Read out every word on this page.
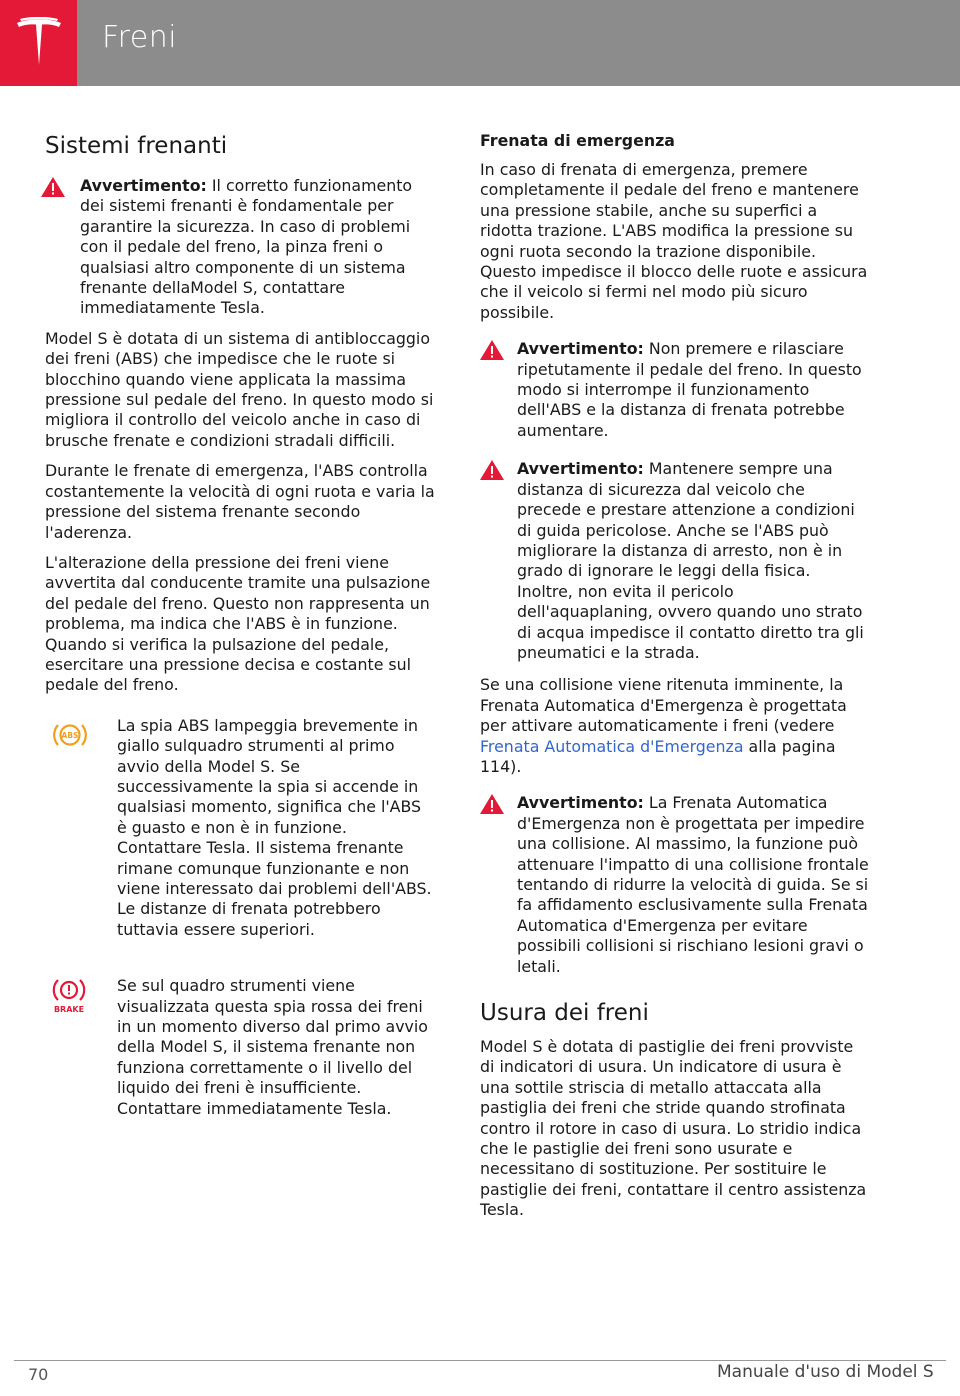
Freni
Sistemi frenanti
Avvertimento: Il corretto funzionamento dei sistemi frenanti è fondamentale per garantire la sicurezza. In caso di problemi con il pedale del freno, la pinza freni o qualsiasi altro componente di un sistema frenante dellaModel S, contattare immediatamente Tesla.

Model S è dotata di un sistema di antibloccaggio dei freni (ABS) che impedisce che le ruote si blocchino quando viene applicata la massima pressione sul pedale del freno. In questo modo si migliora il controllo del veicolo anche in caso di brusche frenate e condizioni stradali difficili.

Durante le frenate di emergenza, l'ABS controlla costantemente la velocità di ogni ruota e varia la pressione del sistema frenante secondo l'aderenza.

L'alterazione della pressione dei freni viene avvertita dal conducente tramite una pulsazione del pedale del freno. Questo non rappresenta un problema, ma indica che l'ABS è in funzione. Quando si verifica la pulsazione del pedale, esercitare una pressione decisa e costante sul pedale del freno.

ABS

La spia ABS lampeggia brevemente in giallo sulquadro strumenti al primo avvio della Model S. Se successivamente la spia si accende in qualsiasi momento, significa che l'ABS è guasto e non è in funzione. Contattare Tesla. Il sistema frenante rimane comunque funzionante e non viene interessato dai problemi dell'ABS. Le distanze di frenata potrebbero tuttavia essere superiori.

BRAKE

Se sul quadro strumenti viene visualizzata questa spia rossa dei freni in un momento diverso dal primo avvio della Model S, il sistema frenante non funziona correttamente o il livello del liquido dei freni è insufficiente. Contattare immediatamente Tesla.

Frenata di emergenza

In caso di frenata di emergenza, premere completamente il pedale del freno e mantenere una pressione stabile, anche su superfici a ridotta trazione. L'ABS modifica la pressione su ogni ruota secondo la trazione disponibile. Questo impedisce il blocco delle ruote e assicura che il veicolo si fermi nel modo più sicuro possibile.

Avvertimento: Non premere e rilasciare ripetutamente il pedale del freno. In questo modo si interrompe il funzionamento dell'ABS e la distanza di frenata potrebbe aumentare.
Avvertimento: Mantenere sempre una distanza di sicurezza dal veicolo che precede e prestare attenzione a condizioni di guida pericolose. Anche se l'ABS può migliorare la distanza di arresto, non è in grado di ignorare le leggi della fisica. Inoltre, non evita il pericolo dell'aquaplaning, ovvero quando uno strato di acqua impedisce il contatto diretto tra gli pneumatici e la strada.

Se una collisione viene ritenuta imminente, la Frenata Automatica d'Emergenza è progettata per attivare automaticamente i freni (vedere Frenata Automatica d'Emergenza alla pagina 114).

Avvertimento: La Frenata Automatica d'Emergenza non è progettata per impedire una collisione. Al massimo, la funzione può attenuare l'impatto di una collisione frontale tentando di ridurre la velocità di guida. Se si fa affidamento esclusivamente sulla Frenata Automatica d'Emergenza per evitare possibili collisioni si rischiano lesioni gravi o letali.
Usura dei freni

Model S è dotata di pastiglie dei freni provviste di indicatori di usura. Un indicatore di usura è una sottile striscia di metallo attaccata alla pastiglia dei freni che stride quando strofinata contro il rotore in caso di usura. Lo stridio indica che le pastiglie dei freni sono usurate e necessitano di sostituzione. Per sostituire le pastiglie dei freni, contattare il centro assistenza Tesla.

70	Manuale d'uso di Model S
